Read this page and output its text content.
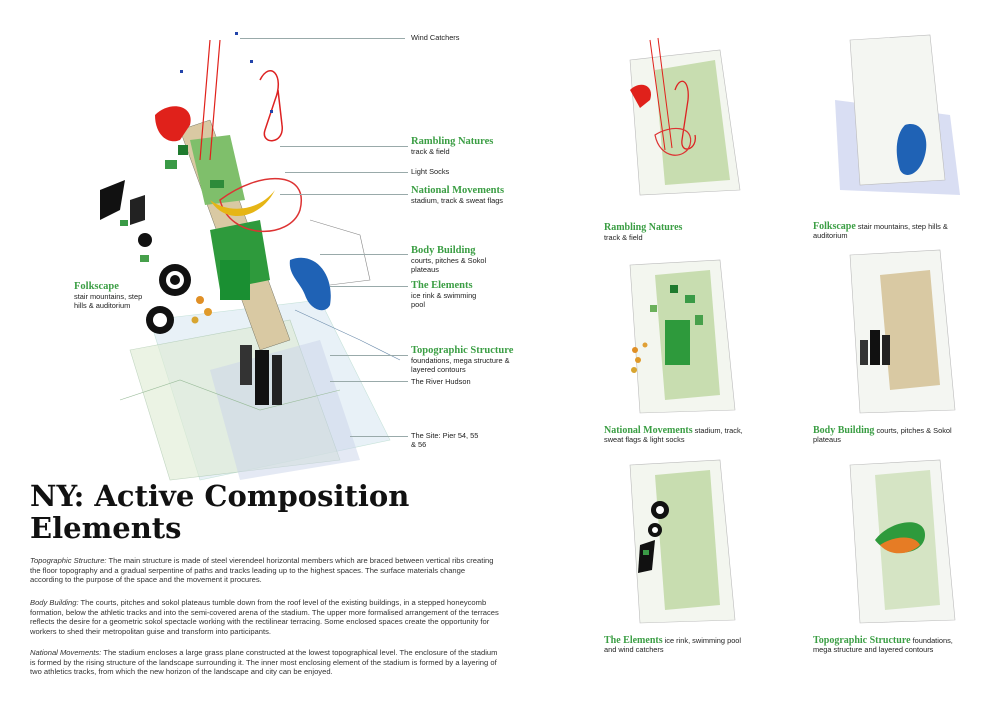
Wind Catchers
Rambling Natures
track & field
Light Socks
National Movements
stadium, track & sweat flags
Body Building
courts, pitches & Sokol
plateaus
The Elements
ice rink & swimming
pool
Topographic Structure
foundations, mega structure &
layered contours
The River Hudson
The Site: Pier 54, 55
& 56
Folkscape
stair mountains, step
hills & auditorium
NY: Active Composition
Elements

Topographic Structure: The main structure is made of steel vierendeel horizontal members which are braced between vertical ribs creating the floor topography and a gradual serpentine of paths and tracks leading up to the highest spaces. The surface materials change according to the purpose of the space and the movement it procures.

Body Building: The courts, pitches and sokol plateaus tumble down from the roof level of the existing buildings, in a stepped honeycomb formation, below the athletic tracks and into the semi-covered arena of the stadium. The upper more formalised arrangement of the terraces reflects the desire for a geometric sokol spectacle working with the rectilinear terracing. Some enclosed spaces create the opportunity for workers to shed their metropolitan guise and transform into participants.

National Movements: The stadium encloses a large grass plane constructed at the lowest topographical level. The enclosure of the stadium is formed by the rising structure of the landscape surrounding it. The inner most enclosing element of the stadium is formed by a layering of two athletics tracks, from which the new horizon of the landscape and city can be enjoyed.

Rambling Natures
track & field
Folkscape stair mountains, step hills &
auditorium
National Movements stadium, track,
sweat flags & light socks
Body Building courts, pitches & Sokol
plateaus
The Elements ice rink, swimming pool
and wind catchers
Topographic Structure foundations,
mega structure and layered contours
